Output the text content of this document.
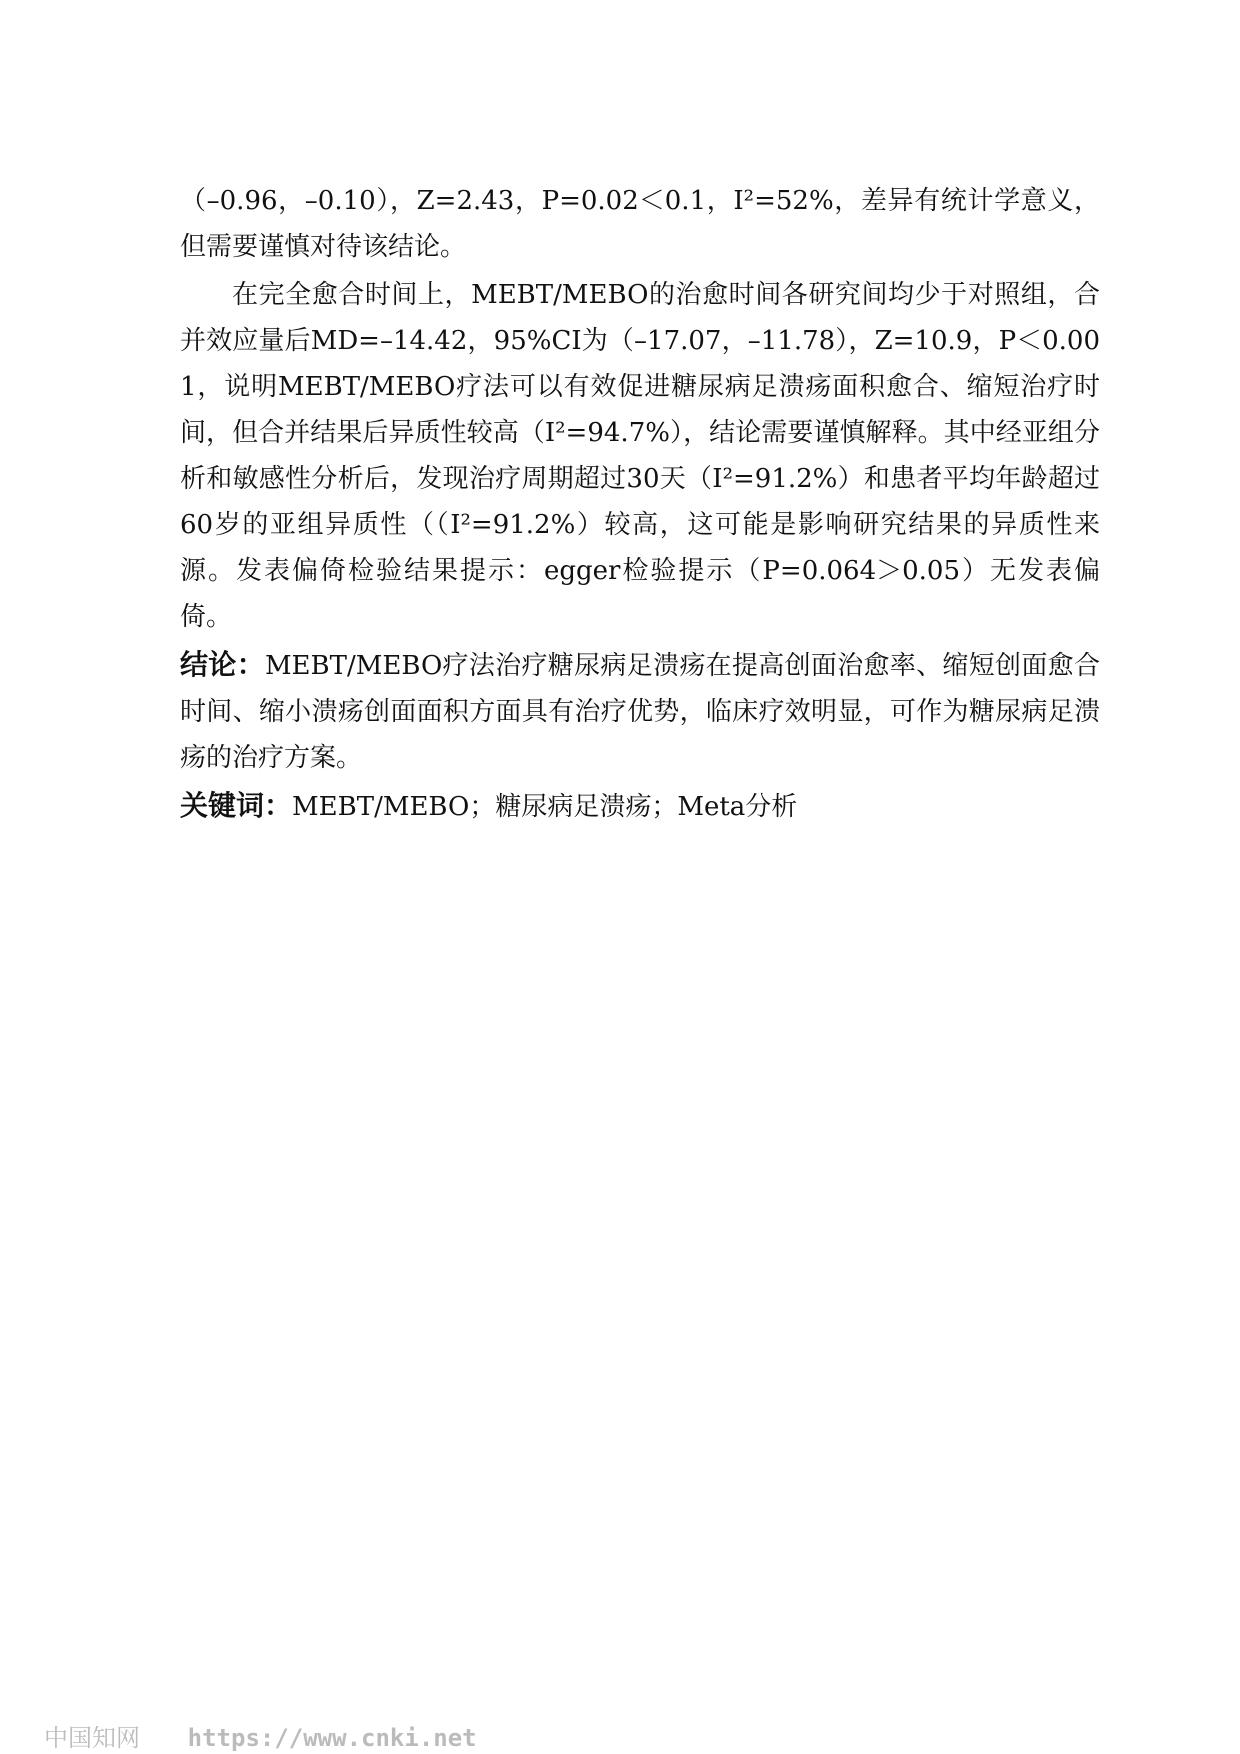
（–0.96，–0.10），Z=2.43，P=0.02＜0.1，I²=52%，差异有统计学意义，但需要谨慎对待该结论。

在完全愈合时间上，MEBT/MEBO的治愈时间各研究间均少于对照组，合并效应量后MD=–14.42，95%CI为（–17.07，–11.78），Z=10.9，P＜0.001，说明MEBT/MEBO疗法可以有效促进糖尿病足溃疡面积愈合、缩短治疗时间，但合并结果后异质性较高（I²=94.7%），结论需要谨慎解释。其中经亚组分析和敏感性分析后，发现治疗周期超过30天（I²=91.2%）和患者平均年龄超过60岁的亚组异质性（（I²=91.2%）较高，这可能是影响研究结果的异质性来源。发表偏倚检验结果提示：egger检验提示（P=0.064＞0.05）无发表偏倚。

结论：MEBT/MEBO疗法治疗糖尿病足溃疡在提高创面治愈率、缩短创面愈合时间、缩小溃疡创面面积方面具有治疗优势，临床疗效明显，可作为糖尿病足溃疡的治疗方案。

关键词：MEBT/MEBO；糖尿病足溃疡；Meta分析

中国知网 https://www.cnki.net
